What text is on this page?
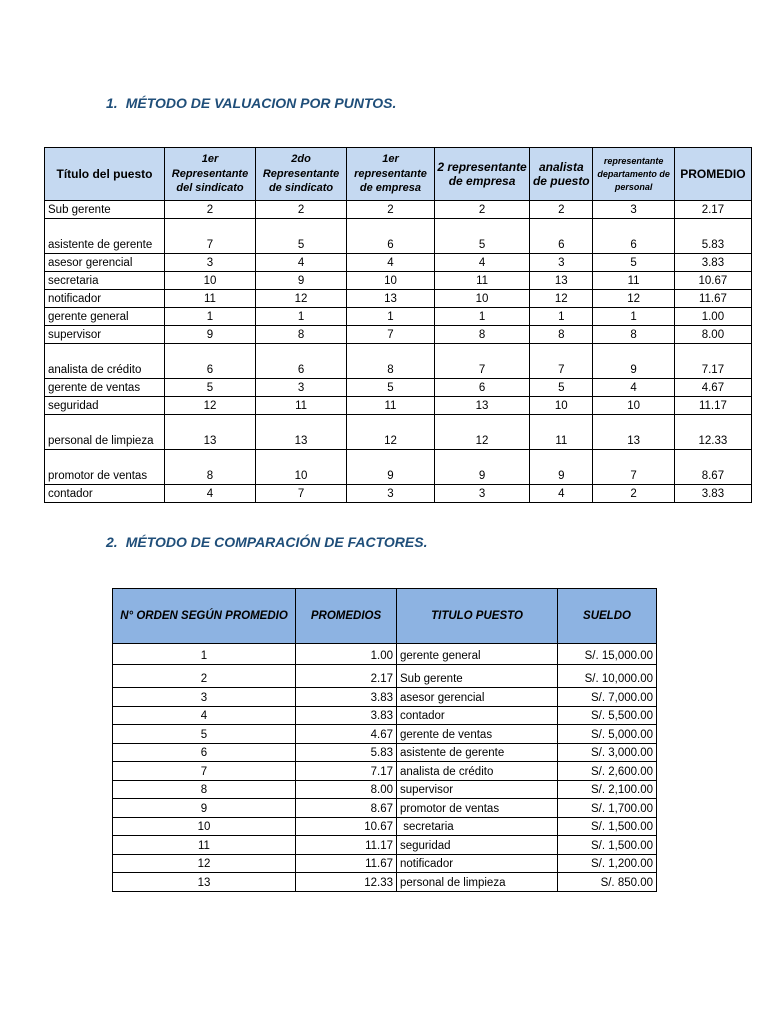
1. MÉTODO DE VALUACION POR PUNTOS.
Título del puesto	1er Representante del sindicato	2do Representante de sindicato	1er representante de empresa	2 representante de empresa	analista de puesto	representante departamento de personal	PROMEDIO
Sub gerente	2	2	2	2	2	3	2.17
asistente de gerente	7	5	6	5	6	6	5.83
asesor gerencial	3	4	4	4	3	5	3.83
secretaria	10	9	10	11	13	11	10.67
notificador	11	12	13	10	12	12	11.67
gerente general	1	1	1	1	1	1	1.00
supervisor	9	8	7	8	8	8	8.00
analista de crédito	6	6	8	7	7	9	7.17
gerente de ventas	5	3	5	6	5	4	4.67
seguridad	12	11	11	13	10	10	11.17
personal de limpieza	13	13	12	12	11	13	12.33
promotor de ventas	8	10	9	9	9	7	8.67
contador	4	7	3	3	4	2	3.83
2. MÉTODO DE COMPARACIÓN DE FACTORES.
N° ORDEN SEGÚN PROMEDIO	PROMEDIOS	TITULO PUESTO	SUELDO
1	1.00	gerente general	S/. 15,000.00
2	2.17	Sub gerente	S/. 10,000.00
3	3.83	asesor gerencial	S/. 7,000.00
4	3.83	contador	S/. 5,500.00
5	4.67	gerente de ventas	S/. 5,000.00
6	5.83	asistente de gerente	S/. 3,000.00
7	7.17	analista de crédito	S/. 2,600.00
8	8.00	supervisor	S/. 2,100.00
9	8.67	promotor de ventas	S/. 1,700.00
10	10.67	secretaria	S/. 1,500.00
11	11.17	seguridad	S/. 1,500.00
12	11.67	notificador	S/. 1,200.00
13	12.33	personal de limpieza	S/. 850.00
